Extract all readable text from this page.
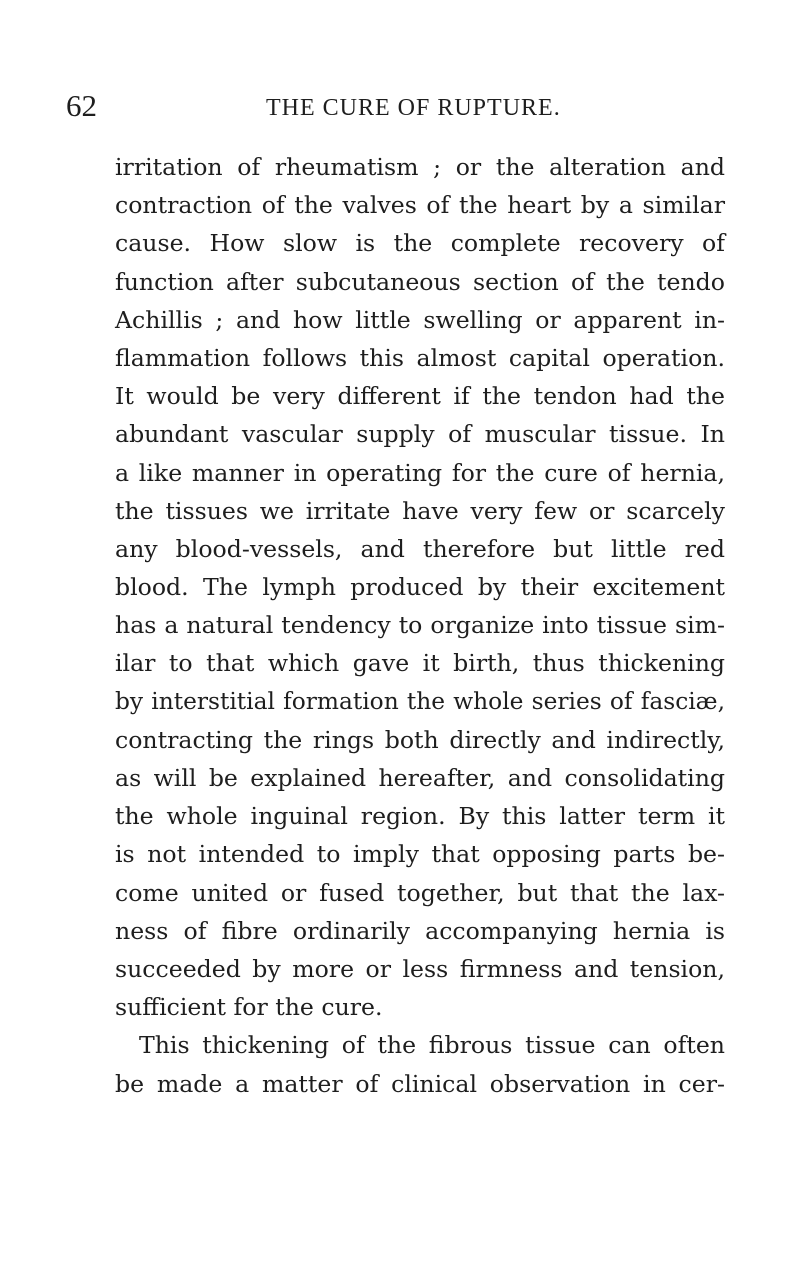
62	THE CURE OF RUPTURE.
irritation of rheumatism ; or the alteration and
contraction of the valves of the heart by a similar
cause. How slow is the complete recovery of
function after subcutaneous section of the tendo
Achillis ; and how little swelling or apparent in-
flammation follows this almost capital operation.
It would be very different if the tendon had the
abundant vascular supply of muscular tissue. In
a like manner in operating for the cure of hernia,
the tissues we irritate have very few or scarcely
any blood-vessels, and therefore but little red
blood. The lymph produced by their excitement
has a natural tendency to organize into tissue sim-
ilar to that which gave it birth, thus thickening
by interstitial formation the whole series of fasciæ,
contracting the rings both directly and indirectly,
as will be explained hereafter, and consolidating
the whole inguinal region. By this latter term it
is not intended to imply that opposing parts be-
come united or fused together, but that the lax-
ness of fibre ordinarily accompanying hernia is
succeeded by more or less firmness and tension,
sufficient for the cure.
This thickening of the fibrous tissue can often
be made a matter of clinical observation in cer-
